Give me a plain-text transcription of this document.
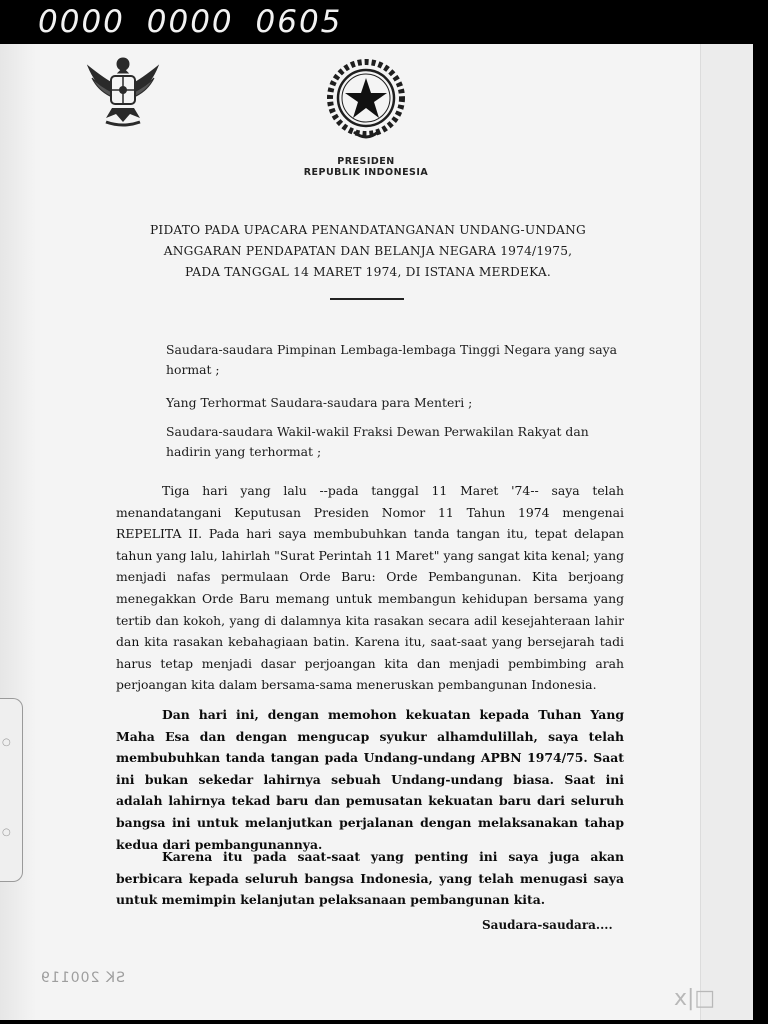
0000 0000 0605
○
○
PRESIDEN
REPUBLIK INDONESIA
PIDATO PADA UPACARA PENANDATANGANAN UNDANG-UNDANG
ANGGARAN PENDAPATAN DAN BELANJA NEGARA 1974/1975,
PADA TANGGAL 14 MARET 1974, DI ISTANA MERDEKA.
Saudara-saudara Pimpinan Lembaga-lembaga Tinggi Negara yang saya hormat ;
Yang Terhormat Saudara-saudara para Menteri ;
Saudara-saudara Wakil-wakil Fraksi Dewan Perwakilan Rakyat dan hadirin yang terhormat ;
Tiga hari yang lalu --pada tanggal 11 Maret '74-- saya telah menandatangani Keputusan Presiden Nomor 11 Tahun 1974 mengenai REPELITA II. Pada hari saya membubuhkan tanda tangan itu, tepat delapan tahun yang lalu, lahirlah "Surat Perintah 11 Maret" yang sangat kita kenal; yang menjadi nafas permulaan Orde Baru: Orde Pembangunan. Kita berjoang menegakkan Orde Baru memang untuk membangun kehidupan bersama yang tertib dan kokoh, yang di dalamnya kita rasakan secara adil kesejahteraan lahir dan kita rasakan kebahagiaan batin. Karena itu, saat-saat yang bersejarah tadi harus tetap menjadi dasar perjoangan kita dan menjadi pembimbing arah perjoangan kita dalam bersama-sama meneruskan pembangunan Indonesia.
Dan hari ini, dengan memohon kekuatan kepada Tuhan Yang Maha Esa dan dengan mengucap syukur alhamdulillah, saya telah membubuhkan tanda tangan pada Undang-undang APBN 1974/75. Saat ini bukan sekedar lahirnya sebuah Undang-undang biasa. Saat ini adalah lahirnya tekad baru dan pemusatan kekuatan baru dari seluruh bangsa ini untuk melanjutkan perjalanan dengan melaksanakan tahap kedua dari pembangunannya.
Karena itu pada saat-saat yang penting ini saya juga akan berbicara kepada seluruh bangsa Indonesia, yang telah menugasi saya untuk memimpin kelanjutan pelaksanaan pembangunan kita.
Saudara-saudara....
SK 200119
x|□
